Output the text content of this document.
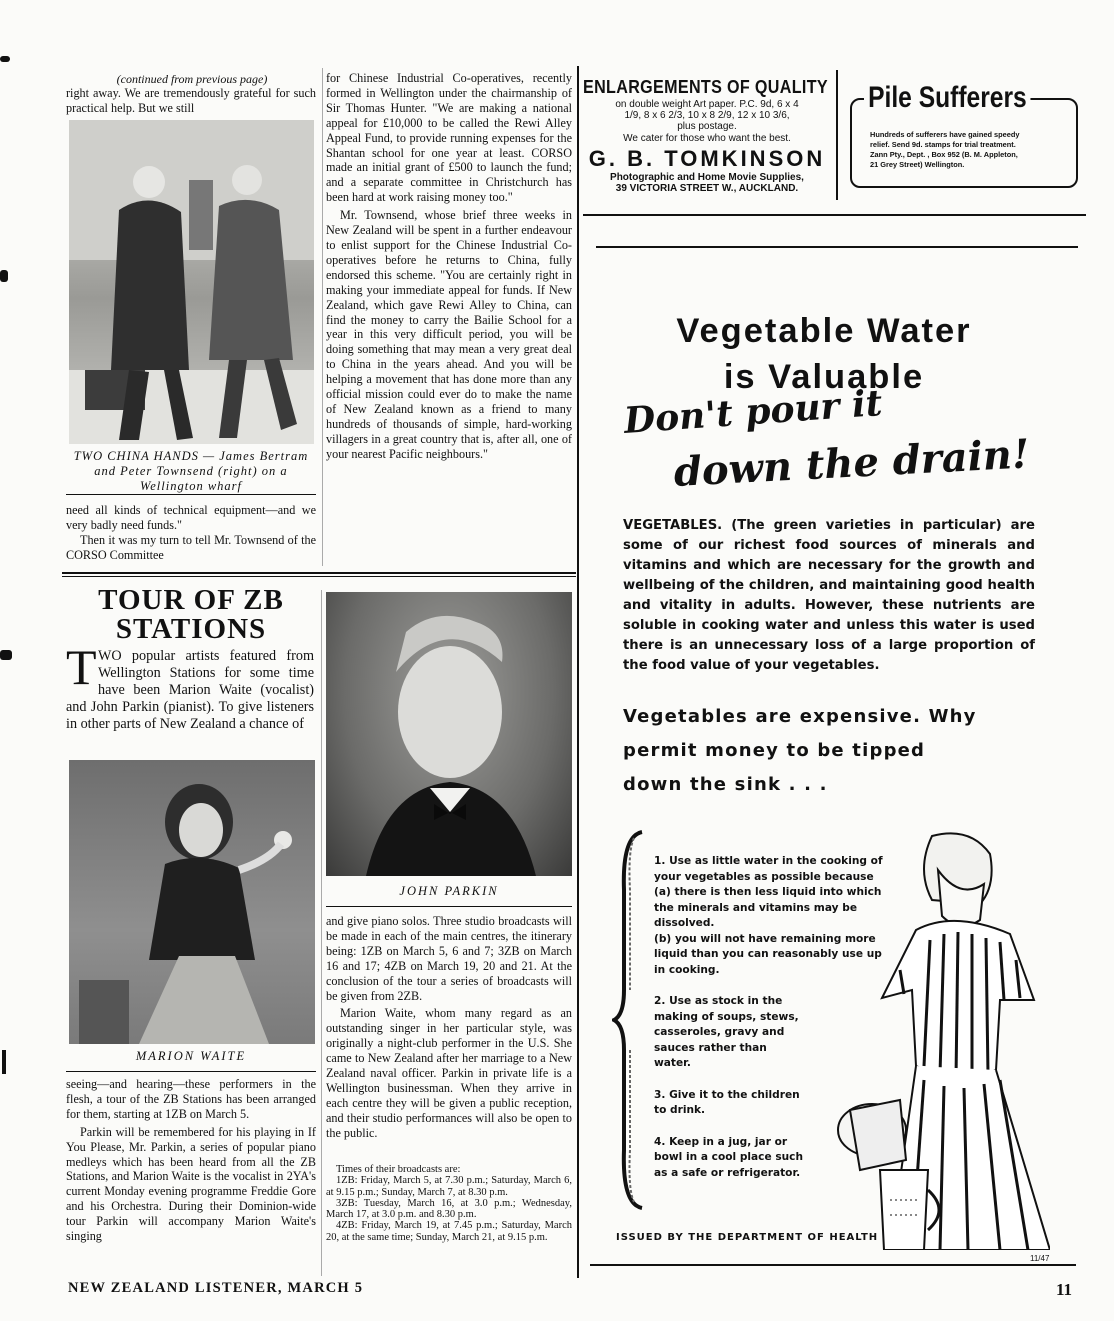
(continued from previous page)

right away. We are tremendously grateful for such practical help. But we still

TWO CHINA HANDS — James Bertram and Peter Townsend (right) on a Wellington wharf

need all kinds of technical equipment—and we very badly need funds."

Then it was my turn to tell Mr. Townsend of the CORSO Committee

for Chinese Industrial Co-operatives, recently formed in Wellington under the chairmanship of Sir Thomas Hunter. "We are making a national appeal for £10,000 to be called the Rewi Alley Appeal Fund, to provide running expenses for the Shantan school for one year at least. CORSO made an initial grant of £500 to launch the fund; and a separate committee in Christchurch has been hard at work raising money too."

Mr. Townsend, whose brief three weeks in New Zealand will be spent in a further endeavour to enlist support for the Chinese Industrial Co-operatives before he returns to China, fully endorsed this scheme. "You are certainly right in making your immediate appeal for funds. If New Zealand, which gave Rewi Alley to China, can find the money to carry the Bailie School for a year in this very difficult period, you will be doing something that may mean a very great deal to China in the years ahead. And you will be helping a movement that has done more than any official mission could ever do to make the name of New Zealand known as a friend to many hundreds of thousands of simple, hard-working villagers in a great country that is, after all, one of your nearest Pacific neighbours."

TOUR OF ZB
STATIONS
T WO popular artists featured from Wellington Stations for some time have been Marion Waite (vocalist) and John Parkin (pianist). To give listeners in other parts of New Zealand a chance of
MARION WAITE

seeing—and hearing—these performers in the flesh, a tour of the ZB Stations has been arranged for them, starting at 1ZB on March 5.

Parkin will be remembered for his playing in If You Please, Mr. Parkin, a series of popular piano medleys which has been heard from all the ZB Stations, and Marion Waite is the vocalist in 2YA's current Monday evening programme Freddie Gore and his Orchestra. During their Dominion-wide tour Parkin will accompany Marion Waite's singing

JOHN PARKIN

and give piano solos. Three studio broadcasts will be made in each of the main centres, the itinerary being: 1ZB on March 5, 6 and 7; 3ZB on March 16 and 17; 4ZB on March 19, 20 and 21. At the conclusion of the tour a series of broadcasts will be given from 2ZB.

Marion Waite, whom many regard as an outstanding singer in her particular style, was originally a night-club performer in the U.S. She came to New Zealand after her marriage to a New Zealand naval officer. Parkin in private life is a Wellington businessman. When they arrive in each centre they will be given a public reception, and their studio performances will also be open to the public.

Times of their broadcasts are:

1ZB: Friday, March 5, at 7.30 p.m.; Saturday, March 6, at 9.15 p.m.; Sunday, March 7, at 8.30 p.m.

3ZB: Tuesday, March 16, at 3.0 p.m.; Wednesday, March 17, at 3.0 p.m. and 8.30 p.m.

4ZB: Friday, March 19, at 7.45 p.m.; Saturday, March 20, at the same time; Sunday, March 21, at 9.15 p.m.

ENLARGEMENTS OF QUALITY
on double weight Art paper. P.C. 9d, 6 x 4
1/9, 8 x 6 2/3, 10 x 8 2/9, 12 x 10 3/6,
plus postage.
We cater for those who want the best.
G. B. TOMKINSON
Photographic and Home Movie Supplies,
39 VICTORIA STREET W., AUCKLAND.
Pile Sufferers
Hundreds of sufferers have gained speedy
relief. Send 9d. stamps for trial treatment.
Zann Pty., Dept. , Box 952 (B. M. Appleton,
21 Grey Street) Wellington.
Vegetable Water
is Valuable
Don't pour it
down the drain!
VEGETABLES. (The green varieties in particular) are some of our richest food sources of minerals and vitamins and which are necessary for the growth and wellbeing of the children, and maintaining good health and vitality in adults. However, these nutrients are soluble in cooking water and unless this water is used there is an unnecessary loss of a large proportion of the food value of your vegetables.
Vegetables are expensive. Why
permit money to be tipped
down the sink . . .
1. Use as little water in the cooking of your vegetables as possible because (a) there is then less liquid into which the minerals and vitamins may be dissolved.
(b) you will not have remaining more liquid than you can reasonably use up in cooking.
2. Use as stock in the making of soups, stews, casseroles, gravy and sauces rather than water.
3. Give it to the children to drink.
4. Keep in a jug, jar or bowl in a cool place such as a safe or refrigerator.
ISSUED BY THE DEPARTMENT OF HEALTH
11/47
NEW ZEALAND LISTENER, MARCH 5	11
